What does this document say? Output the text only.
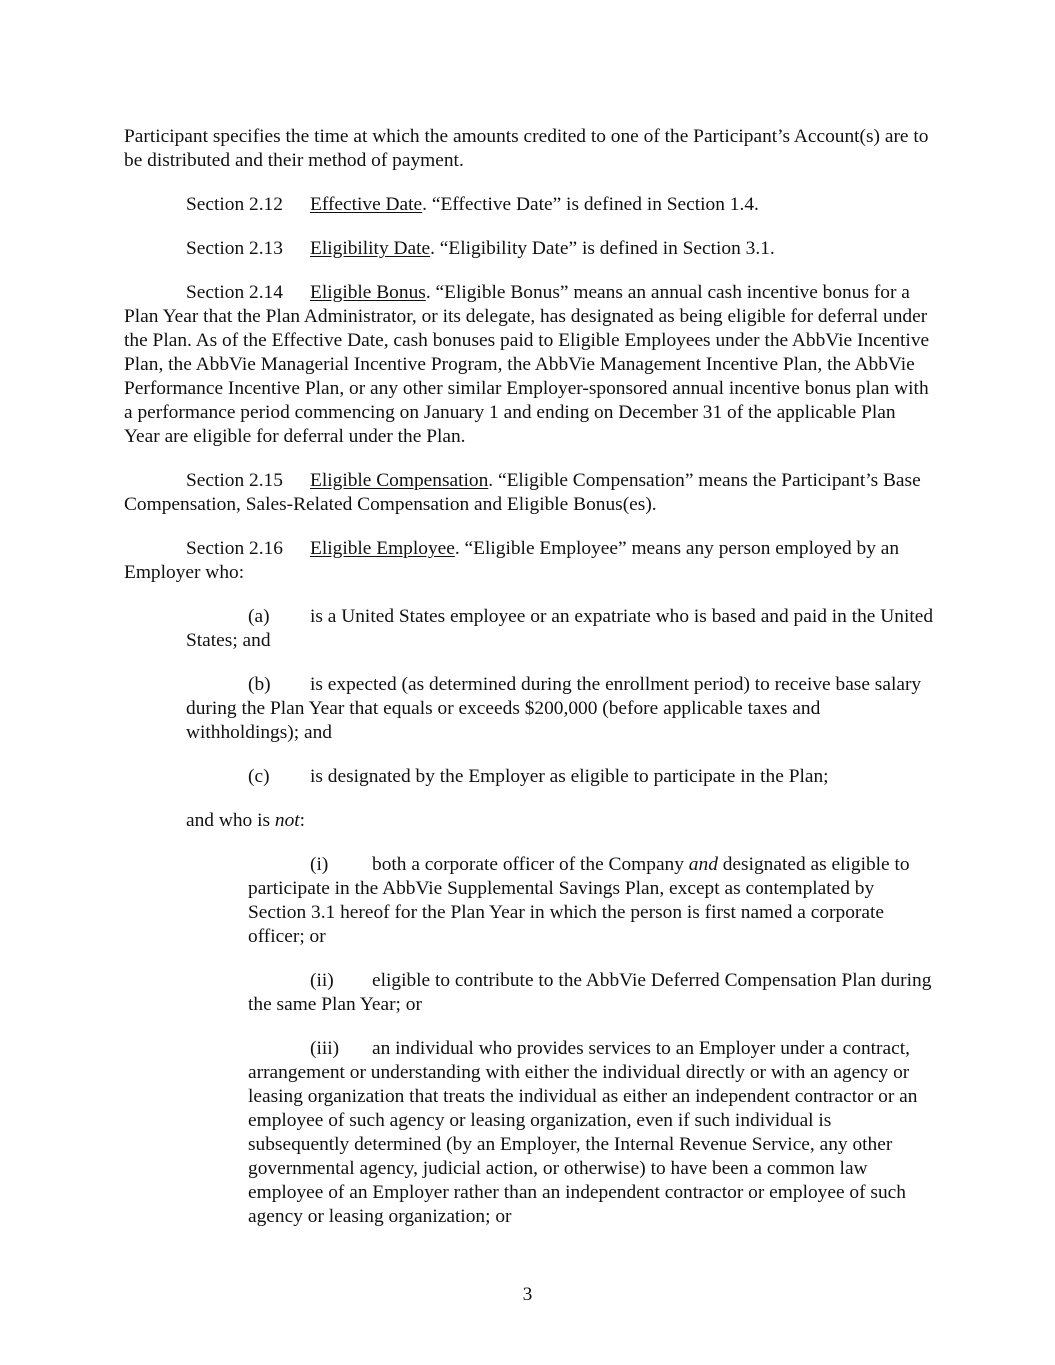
Participant specifies the time at which the amounts credited to one of the Participant’s Account(s) are to be distributed and their method of payment.

Section 2.12 Effective Date. “Effective Date” is defined in Section 1.4.

Section 2.13 Eligibility Date. “Eligibility Date” is defined in Section 3.1.

Section 2.14 Eligible Bonus. “Eligible Bonus” means an annual cash incentive bonus for a Plan Year that the Plan Administrator, or its delegate, has designated as being eligible for deferral under the Plan. As of the Effective Date, cash bonuses paid to Eligible Employees under the AbbVie Incentive Plan, the AbbVie Managerial Incentive Program, the AbbVie Management Incentive Plan, the AbbVie Performance Incentive Plan, or any other similar Employer-sponsored annual incentive bonus plan with a performance period commencing on January 1 and ending on December 31 of the applicable Plan Year are eligible for deferral under the Plan.

Section 2.15 Eligible Compensation. “Eligible Compensation” means the Participant’s Base Compensation, Sales-Related Compensation and Eligible Bonus(es).

Section 2.16 Eligible Employee. “Eligible Employee” means any person employed by an Employer who:

(a) is a United States employee or an expatriate who is based and paid in the United States; and

(b) is expected (as determined during the enrollment period) to receive base salary during the Plan Year that equals or exceeds $200,000 (before applicable taxes and withholdings); and

(c) is designated by the Employer as eligible to participate in the Plan;

and who is not:

(i) both a corporate officer of the Company and designated as eligible to participate in the AbbVie Supplemental Savings Plan, except as contemplated by Section 3.1 hereof for the Plan Year in which the person is first named a corporate officer; or

(ii) eligible to contribute to the AbbVie Deferred Compensation Plan during the same Plan Year; or

(iii) an individual who provides services to an Employer under a contract, arrangement or understanding with either the individual directly or with an agency or leasing organization that treats the individual as either an independent contractor or an employee of such agency or leasing organization, even if such individual is subsequently determined (by an Employer, the Internal Revenue Service, any other governmental agency, judicial action, or otherwise) to have been a common law employee of an Employer rather than an independent contractor or employee of such agency or leasing organization; or

3
